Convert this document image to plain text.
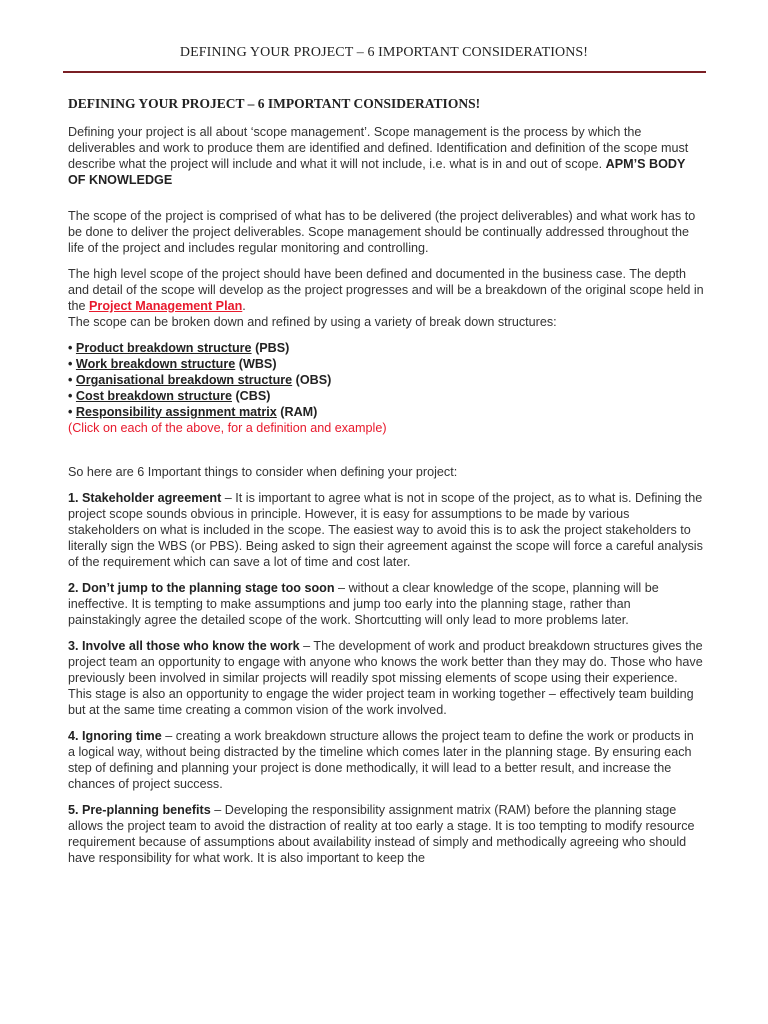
DEFINING YOUR PROJECT – 6 IMPORTANT CONSIDERATIONS!
DEFINING YOUR PROJECT – 6 IMPORTANT CONSIDERATIONS!

Defining your project is all about ‘scope management’. Scope management is the process by which the deliverables and work to produce them are identified and defined. Identification and definition of the scope must describe what the project will include and what it will not include, i.e. what is in and out of scope. APM’S BODY OF KNOWLEDGE

The scope of the project is comprised of what has to be delivered (the project deliverables) and what work has to be done to deliver the project deliverables. Scope management should be continually addressed throughout the life of the project and includes regular monitoring and controlling.

The high level scope of the project should have been defined and documented in the business case. The depth and detail of the scope will develop as the project progresses and will be a breakdown of the original scope held in the Project Management Plan.

The scope can be broken down and refined by using a variety of break down structures:

• Product breakdown structure (PBS)
• Work breakdown structure (WBS)
• Organisational breakdown structure (OBS)
• Cost breakdown structure (CBS)
• Responsibility assignment matrix (RAM)

(Click on each of the above, for a definition and example)

So here are 6 Important things to consider when defining your project:

1. Stakeholder agreement – It is important to agree what is not in scope of the project, as to what is. Defining the project scope sounds obvious in principle. However, it is easy for assumptions to be made by various stakeholders on what is included in the scope. The easiest way to avoid this is to ask the project stakeholders to literally sign the WBS (or PBS). Being asked to sign their agreement against the scope will force a careful analysis of the requirement which can save a lot of time and cost later.

2. Don’t jump to the planning stage too soon – without a clear knowledge of the scope, planning will be ineffective. It is tempting to make assumptions and jump too early into the planning stage, rather than painstakingly agree the detailed scope of the work. Shortcutting will only lead to more problems later.

3. Involve all those who know the work – The development of work and product breakdown structures gives the project team an opportunity to engage with anyone who knows the work better than they may do. Those who have previously been involved in similar projects will readily spot missing elements of scope using their experience. This stage is also an opportunity to engage the wider project team in working together – effectively team building but at the same time creating a common vision of the work involved.

4. Ignoring time – creating a work breakdown structure allows the project team to define the work or products in a logical way, without being distracted by the timeline which comes later in the planning stage. By ensuring each step of defining and planning your project is done methodically, it will lead to a better result, and increase the chances of project success.

5. Pre-planning benefits – Developing the responsibility assignment matrix (RAM) before the planning stage allows the project team to avoid the distraction of reality at too early a stage. It is too tempting to modify resource requirement because of assumptions about availability instead of simply and methodically agreeing who should have responsibility for what work. It is also important to keep the
